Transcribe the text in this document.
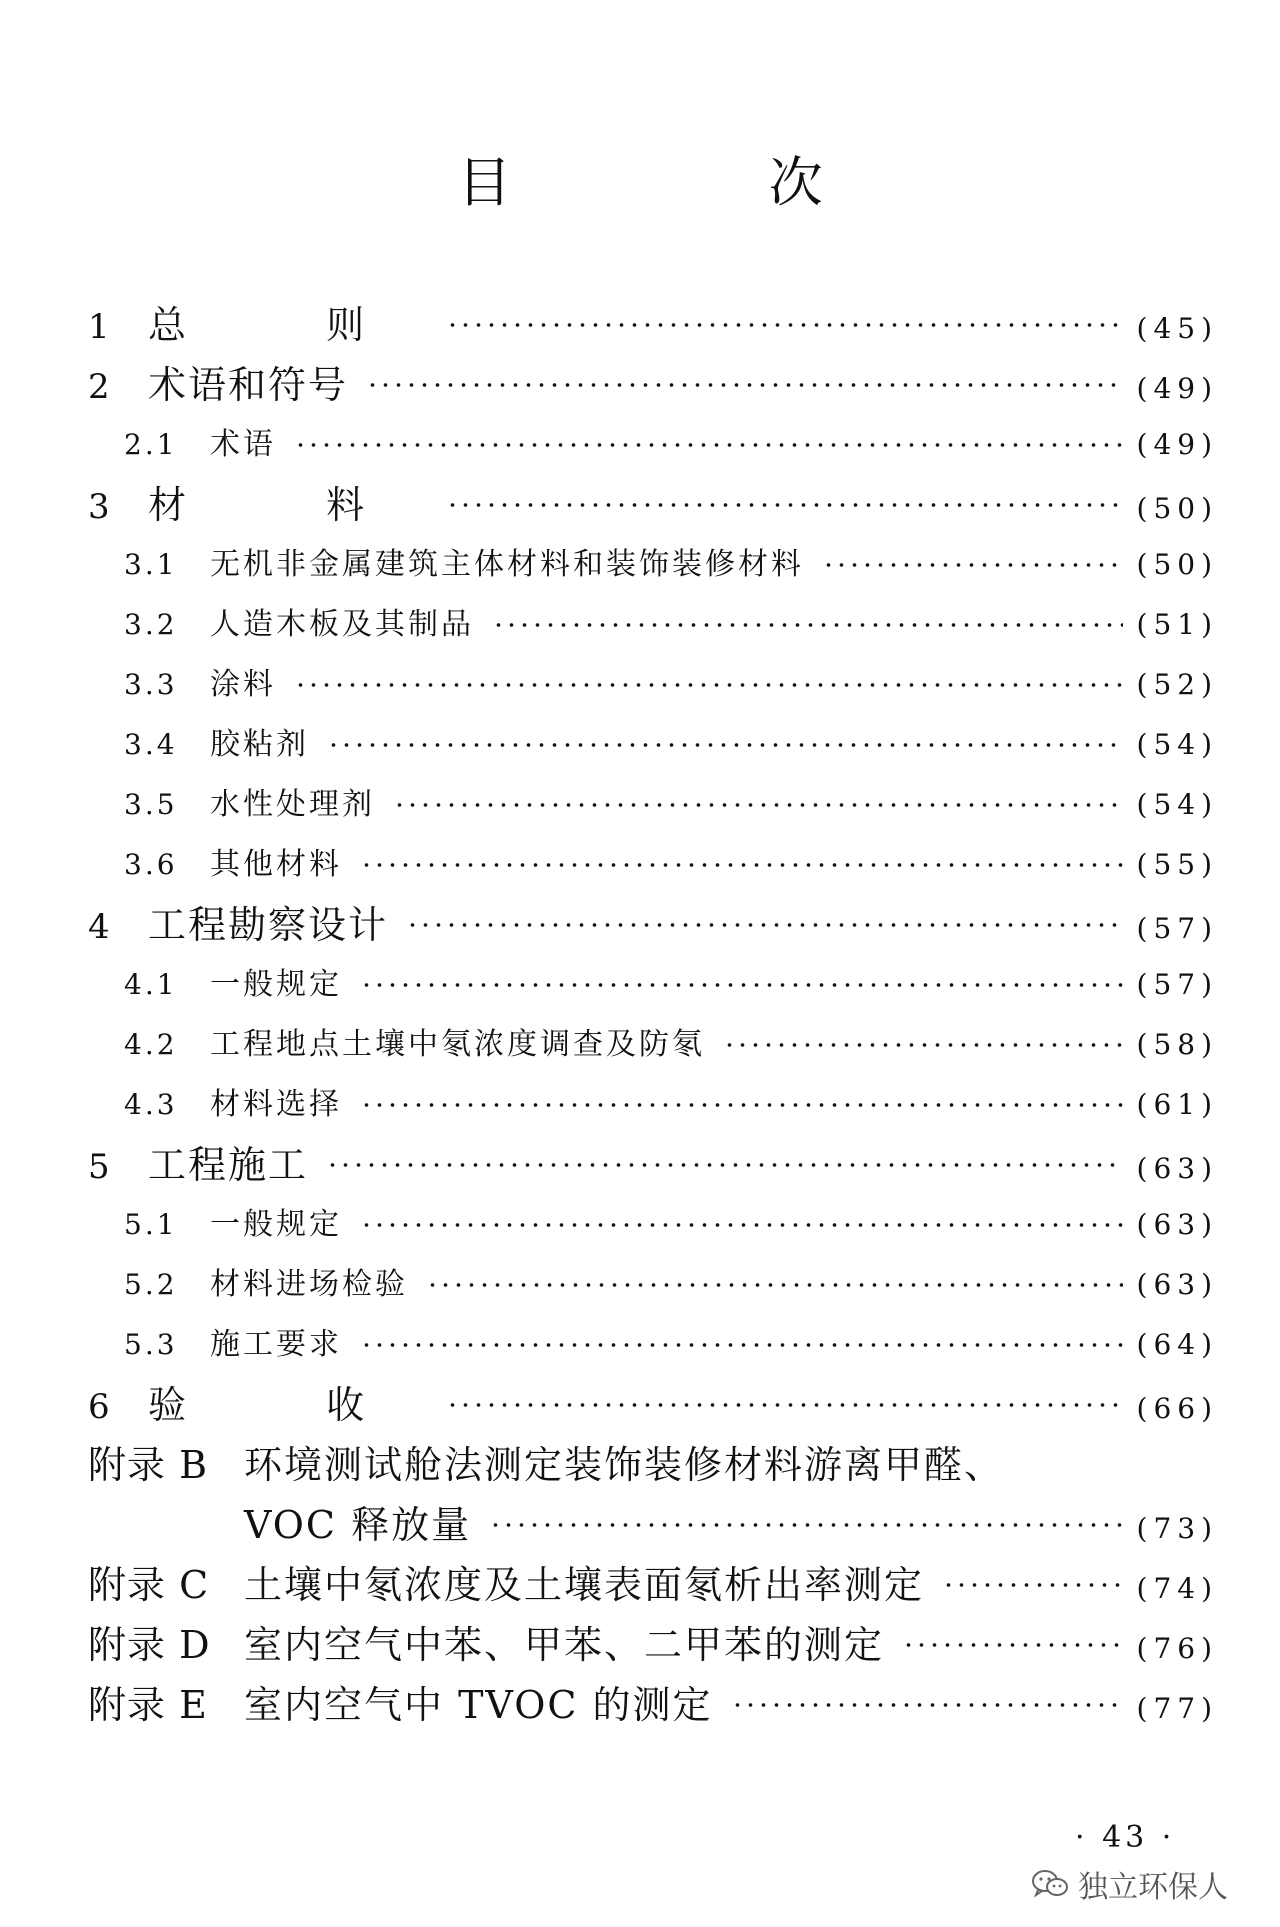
目 次
1	总 则	(45)
2	术语和符号	(49)
2.1	术语	(49)
3	材 料	(50)
3.1	无机非金属建筑主体材料和装饰装修材料	(50)
3.2	人造木板及其制品	(51)
3.3	涂料	(52)
3.4	胶粘剂	(54)
3.5	水性处理剂	(54)
3.6	其他材料	(55)
4	工程勘察设计	(57)
4.1	一般规定	(57)
4.2	工程地点土壤中氡浓度调查及防氡	(58)
4.3	材料选择	(61)
5	工程施工	(63)
5.1	一般规定	(63)
5.2	材料进场检验	(63)
5.3	施工要求	(64)
6	验 收	(66)
附录 B 环境测试舱法测定装饰装修材料游离甲醛、
VOC 释放量	(73)
附录 C 土壤中氡浓度及土壤表面氡析出率测定	(74)
附录 D 室内空气中苯、甲苯、二甲苯的测定	(76)
附录 E 室内空气中 TVOC 的测定	(77)
· 43 ·
独立环保人
